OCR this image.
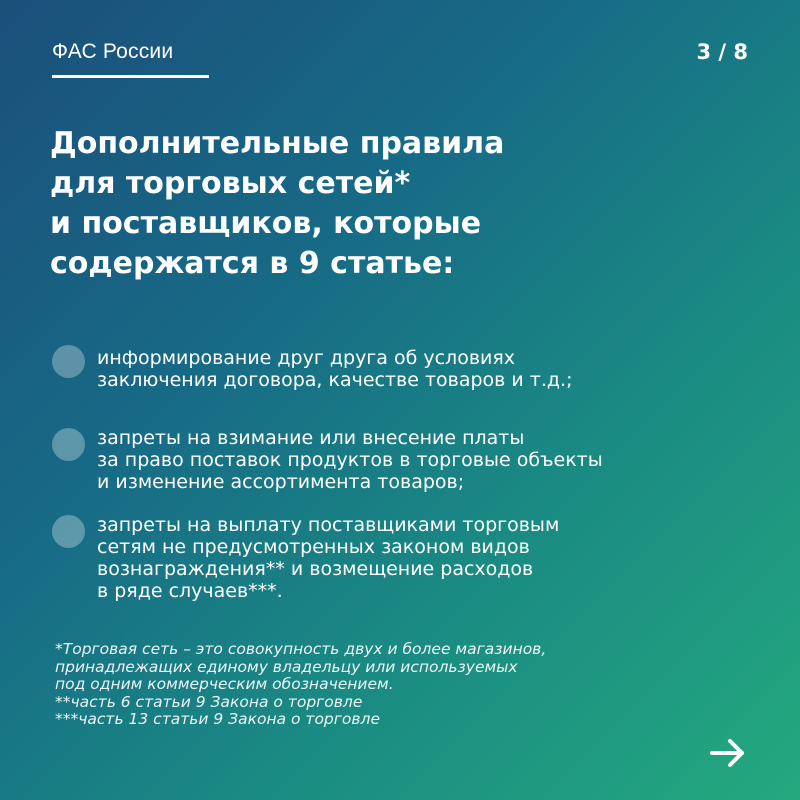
ФАС России	3 / 8
Дополнительные правила
для торговых сетей*
и поставщиков, которые
содержатся в 9 статье:
информирование друг друга об условиях
заключения договора, качестве товаров и т.д.;
запреты на взимание или внесение платы
за право поставок продуктов в торговые объекты
и изменение ассортимента товаров;
запреты на выплату поставщиками торговым
сетям не предусмотренных законом видов
вознаграждения** и возмещение расходов
в ряде случаев***.
*Торговая сеть – это совокупность двух и более магазинов,
принадлежащих единому владельцу или используемых
под одним коммерческим обозначением.
**часть 6 статьи 9 Закона о торговле
***часть 13 статьи 9 Закона о торговле
